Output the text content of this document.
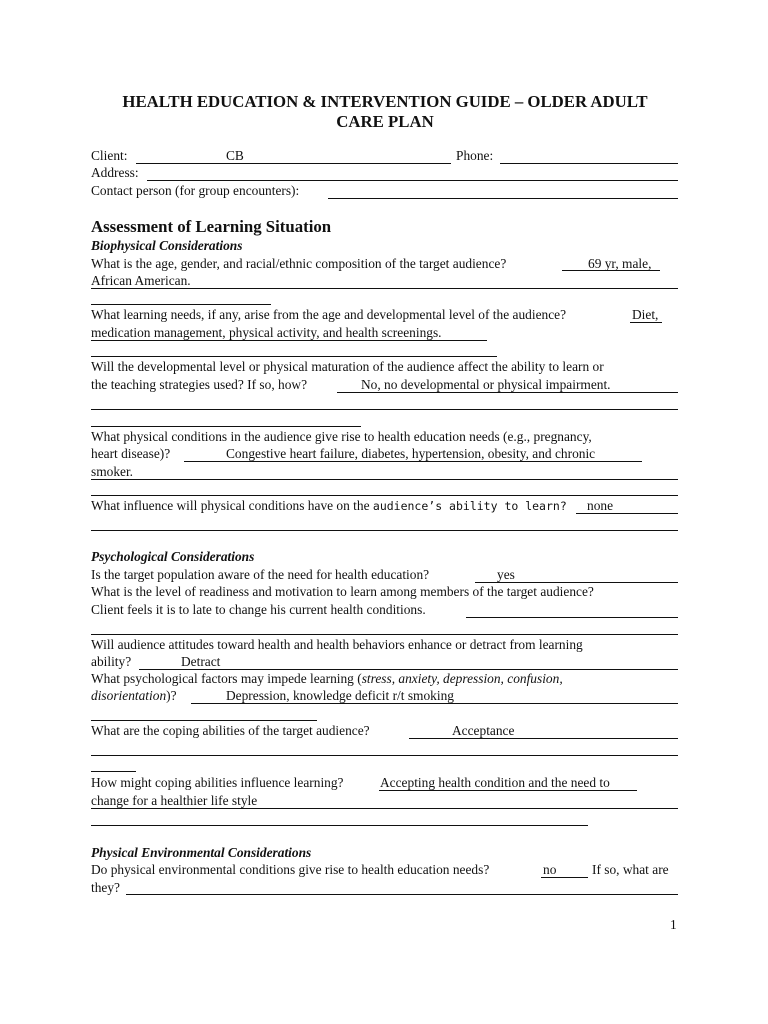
HEALTH EDUCATION & INTERVENTION GUIDE – OLDER ADULT
CARE PLAN
Client:	CB	Phone:
Address:
Contact person (for group encounters):
Assessment of Learning Situation
Biophysical Considerations
What is the age, gender, and racial/ethnic composition of the target audience?	69 yr, male,
African American.
What learning needs, if any, arise from the age and developmental level of the audience?	Diet,
medication management, physical activity, and health screenings.
Will the developmental level or physical maturation of the audience affect the ability to learn or
the teaching strategies used? If so, how?	No, no developmental or physical impairment.
What physical conditions in the audience give rise to health education needs (e.g., pregnancy,
heart disease)?	Congestive heart failure, diabetes, hypertension, obesity, and chronic
smoker.
What influence will physical conditions have on the audience’s ability to learn? none
Psychological Considerations
Is the target population aware of the need for health education?	yes
What is the level of readiness and motivation to learn among members of the target audience?
Client feels it is to late to change his current health conditions.
Will audience attitudes toward health and health behaviors enhance or detract from learning
ability?	Detract
What psychological factors may impede learning (stress, anxiety, depression, confusion,
disorientation)?	Depression, knowledge deficit r/t smoking
What are the coping abilities of the target audience?	Acceptance
How might coping abilities influence learning?	Accepting health condition and the need to
change for a healthier life style
Physical Environmental Considerations
Do physical environmental conditions give rise to health education needs?	no	If so, what are
they?
1
